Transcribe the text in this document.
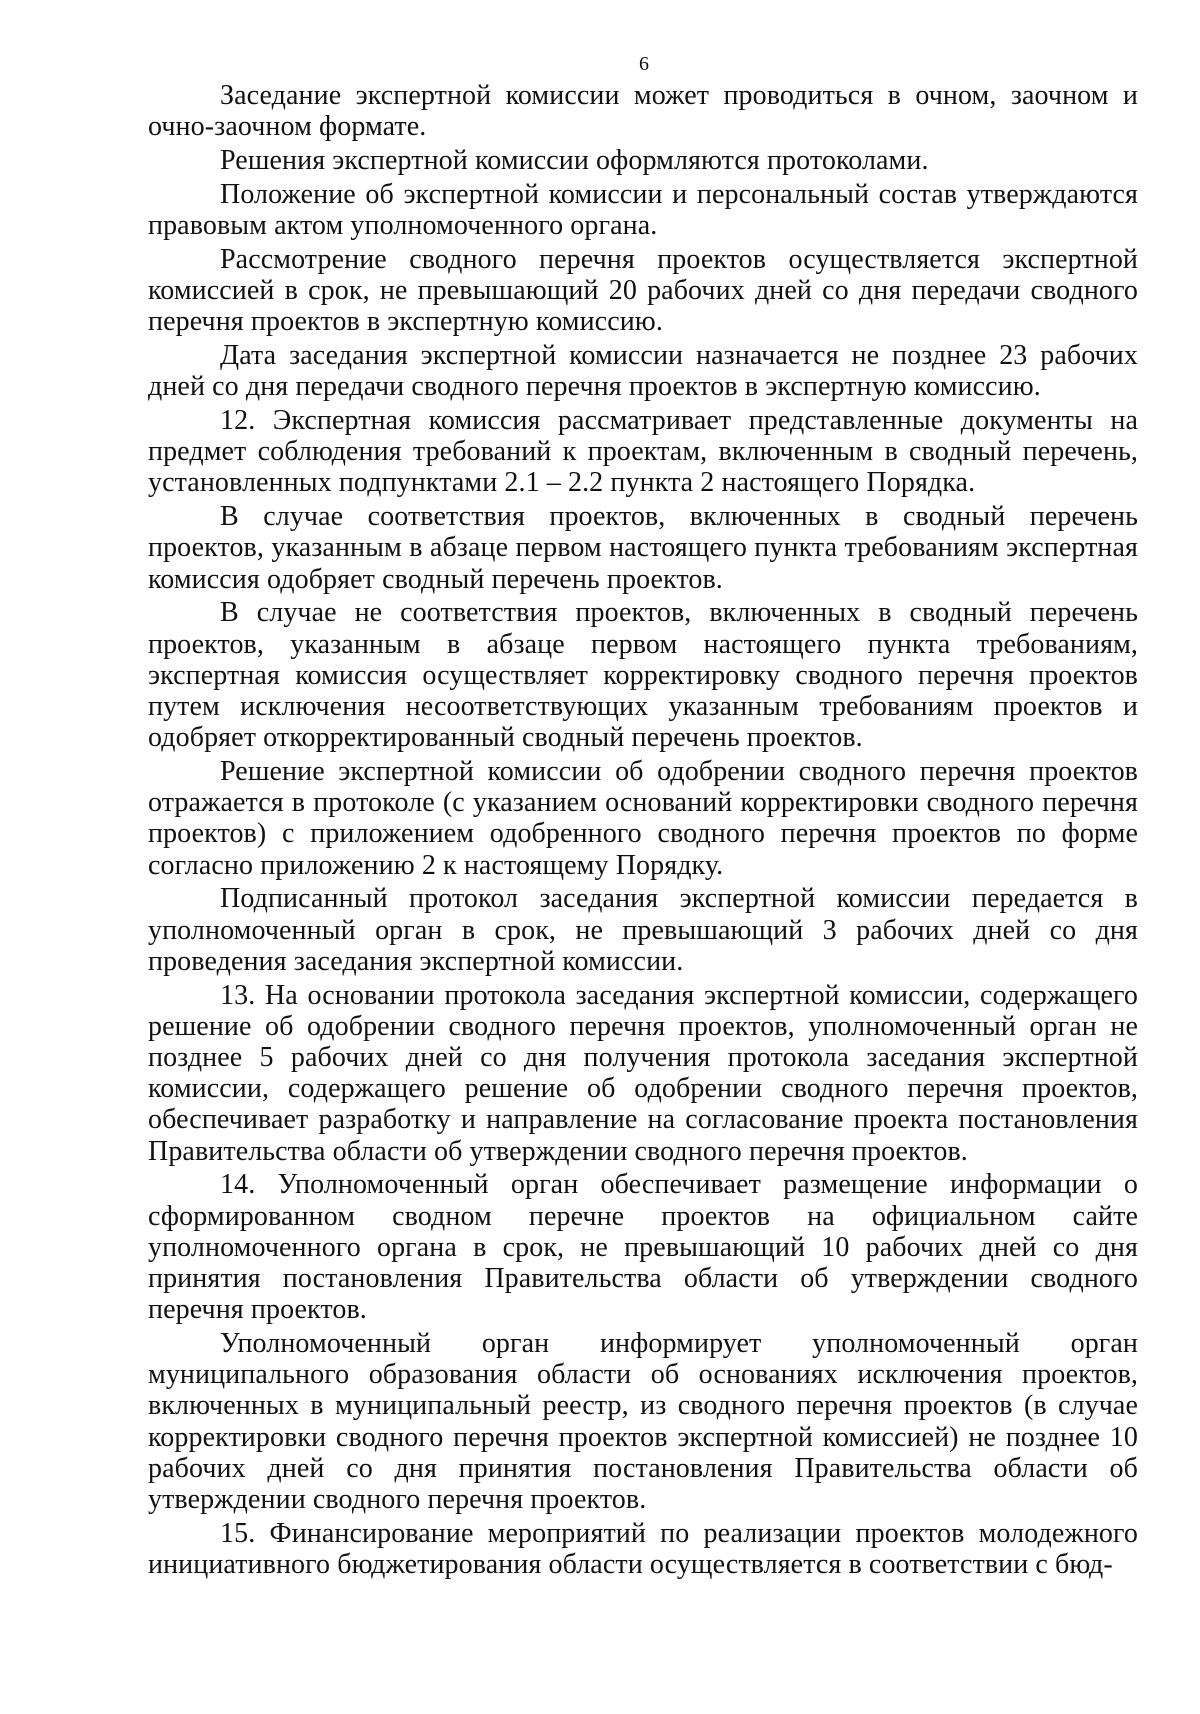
6

Заседание экспертной комиссии может проводиться в очном, заочном и очно-заочном формате.

Решения экспертной комиссии оформляются протоколами.

Положение об экспертной комиссии и персональный состав утверждаются правовым актом уполномоченного органа.

Рассмотрение сводного перечня проектов осуществляется экспертной комиссией в срок, не превышающий 20 рабочих дней со дня передачи сводного перечня проектов в экспертную комиссию.

Дата заседания экспертной комиссии назначается не позднее 23 рабочих дней со дня передачи сводного перечня проектов в экспертную комиссию.

12. Экспертная комиссия рассматривает представленные документы на предмет соблюдения требований к проектам, включенным в сводный перечень, установленных подпунктами 2.1 – 2.2 пункта 2 настоящего Порядка.

В случае соответствия проектов, включенных в сводный перечень проектов, указанным в абзаце первом настоящего пункта требованиям экспертная комиссия одобряет сводный перечень проектов.

В случае не соответствия проектов, включенных в сводный перечень проектов, указанным в абзаце первом настоящего пункта требованиям, экспертная комиссия осуществляет корректировку сводного перечня проектов путем исключения несоответствующих указанным требованиям проектов и одобряет откорректированный сводный перечень проектов.

Решение экспертной комиссии об одобрении сводного перечня проектов отражается в протоколе (с указанием оснований корректировки сводного перечня проектов) с приложением одобренного сводного перечня проектов по форме согласно приложению 2 к настоящему Порядку.

Подписанный протокол заседания экспертной комиссии передается в уполномоченный орган в срок, не превышающий 3 рабочих дней со дня проведения заседания экспертной комиссии.

13. На основании протокола заседания экспертной комиссии, содержащего решение об одобрении сводного перечня проектов, уполномоченный орган не позднее 5 рабочих дней со дня получения протокола заседания экспертной комиссии, содержащего решение об одобрении сводного перечня проектов, обеспечивает разработку и направление на согласование проекта постановления Правительства области об утверждении сводного перечня проектов.

14. Уполномоченный орган обеспечивает размещение информации о сформированном сводном перечне проектов на официальном сайте уполномоченного органа в срок, не превышающий 10 рабочих дней со дня принятия постановления Правительства области об утверждении сводного перечня проектов.

Уполномоченный орган информирует уполномоченный орган муниципального образования области об основаниях исключения проектов, включенных в муниципальный реестр, из сводного перечня проектов (в случае корректировки сводного перечня проектов экспертной комиссией) не позднее 10 рабочих дней со дня принятия постановления Правительства области об утверждении сводного перечня проектов.

15. Финансирование мероприятий по реализации проектов молодежного инициативного бюджетирования области осуществляется в соответствии с бюд-
